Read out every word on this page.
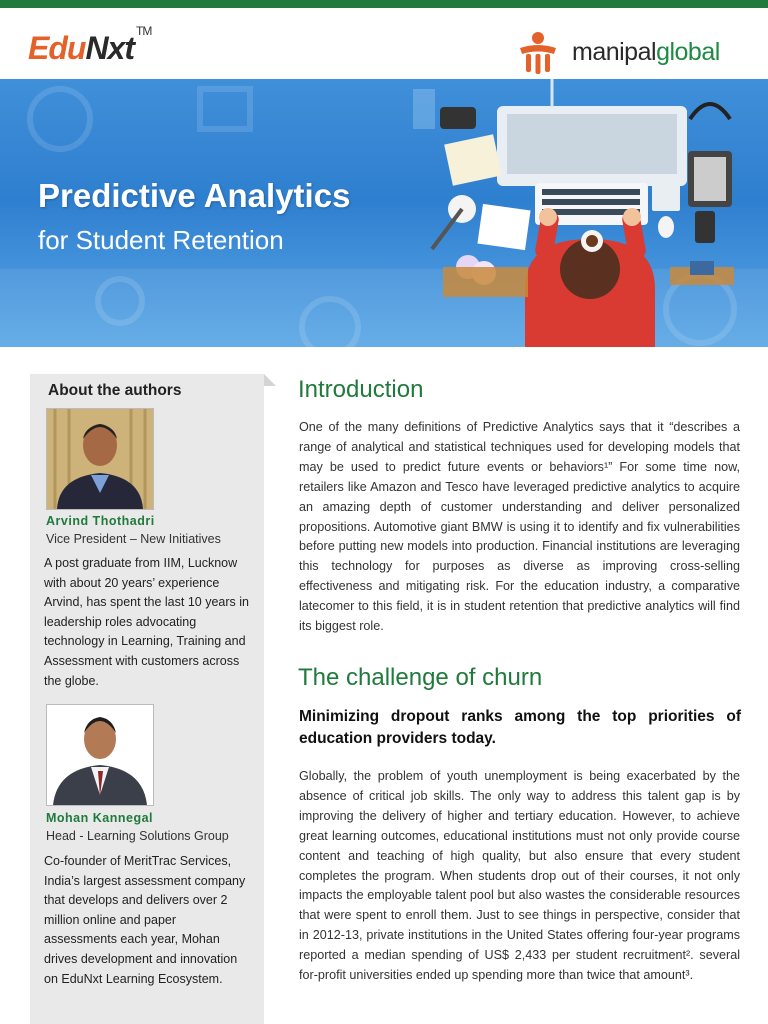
EduNxt ™
manipalglobal
Predictive Analytics
for Student Retention
About the authors
Arvind Thothadri
Vice President – New Initiatives
A post graduate from IIM, Lucknow with about 20 years’ experience Arvind, has spent the last 10 years in leadership roles advocating technology in Learning, Training and Assessment with customers across the globe.
Mohan Kannegal
Head - Learning Solutions Group
Co-founder of MeritTrac Services, India’s largest assessment company that develops and delivers over 2 million online and paper assessments each year, Mohan drives development and innovation on EduNxt Learning Ecosystem.
Introduction

One of the many definitions of Predictive Analytics says that it “describes a range of analytical and statistical techniques used for developing models that may be used to predict future events or behaviors¹” For some time now, retailers like Amazon and Tesco have leveraged predictive analytics to acquire an amazing depth of customer understanding and deliver personalized propositions. Automotive giant BMW is using it to identify and fix vulnerabilities before putting new models into production. Financial institutions are leveraging this technology for purposes as diverse as improving cross-selling effectiveness and mitigating risk. For the education industry, a comparative latecomer to this field, it is in student retention that predictive analytics will find its biggest role.

The challenge of churn
Minimizing dropout ranks among the top priorities of education providers today.

Globally, the problem of youth unemployment is being exacerbated by the absence of critical job skills. The only way to address this talent gap is by improving the delivery of higher and tertiary education. However, to achieve great learning outcomes, educational institutions must not only provide course content and teaching of high quality, but also ensure that every student completes the program. When students drop out of their courses, it not only impacts the employable talent pool but also wastes the considerable resources that were spent to enroll them. Just to see things in perspective, consider that in 2012-13, private institutions in the United States offering four-year programs reported a median spending of US$ 2,433 per student recruitment². several for-profit universities ended up spending more than twice that amount³.
